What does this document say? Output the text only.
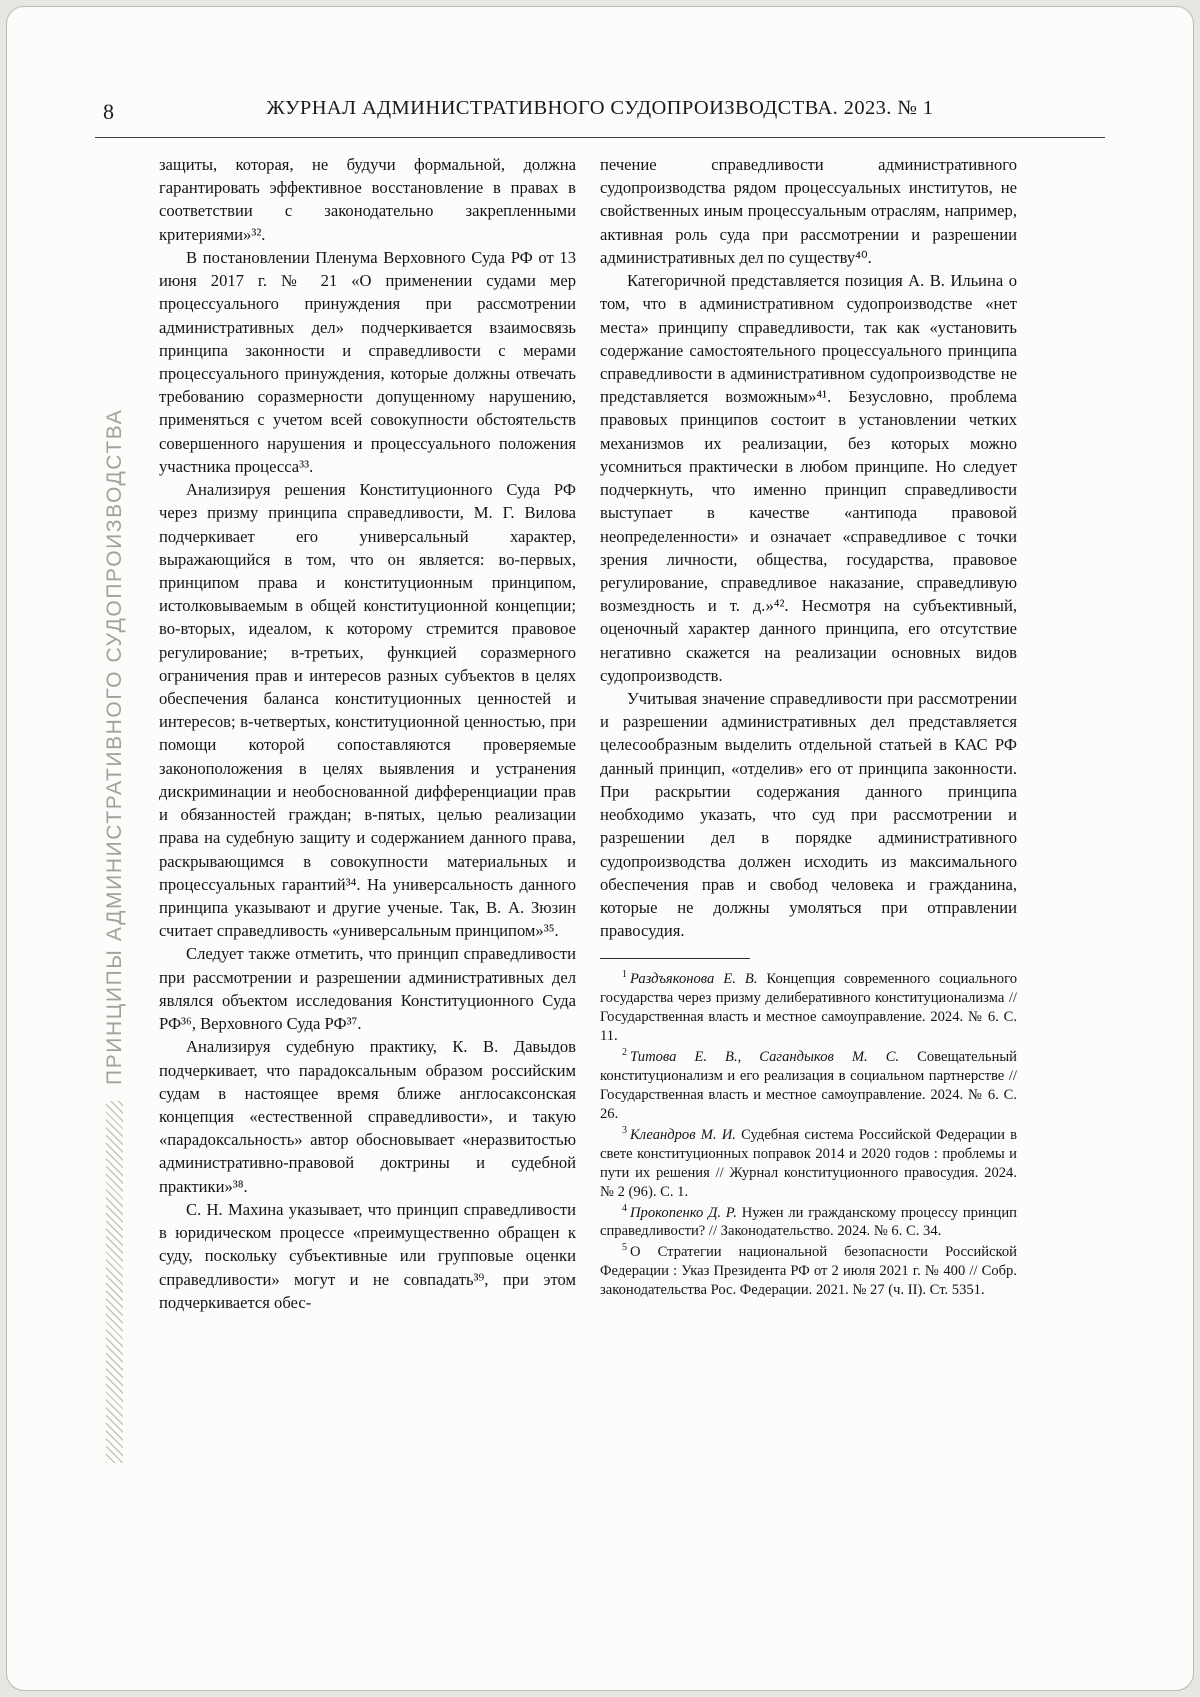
8	ЖУРНАЛ АДМИНИСТРАТИВНОГО СУДОПРОИЗВОДСТВА. 2023. № 1
ПРИНЦИПЫ АДМИНИСТРАТИВНОГО СУДОПРОИЗВОДСТВА

защиты, которая, не будучи формальной, должна гарантировать эффективное восстановление в правах в соответствии с законодательно закрепленными критериями»³².

В постановлении Пленума Верховного Суда РФ от 13 июня 2017 г. № 21 «О применении судами мер процессуального принуждения при рассмотрении административных дел» подчеркивается взаимосвязь принципа законности и справедливости с мерами процессуального принуждения, которые должны отвечать требованию соразмерности допущенному нарушению, применяться с учетом всей совокупности обстоятельств совершенного нарушения и процессуального положения участника процесса³³.

Анализируя решения Конституционного Суда РФ через призму принципа справедливости, М. Г. Вилова подчеркивает его универсальный характер, выражающийся в том, что он является: во-первых, принципом права и конституционным принципом, истолковываемым в общей конституционной концепции; во-вторых, идеалом, к которому стремится правовое регулирование; в-третьих, функцией соразмерного ограничения прав и интересов разных субъектов в целях обеспечения баланса конституционных ценностей и интересов; в-четвертых, конституционной ценностью, при помощи которой сопоставляются проверяемые законоположения в целях выявления и устранения дискриминации и необоснованной дифференциации прав и обязанностей граждан; в-пятых, целью реализации права на судебную защиту и содержанием данного права, раскрывающимся в совокупности материальных и процессуальных гарантий³⁴. На универсальность данного принципа указывают и другие ученые. Так, В. А. Зюзин считает справедливость «универсальным принципом»³⁵.

Следует также отметить, что принцип справедливости при рассмотрении и разрешении административных дел являлся объектом исследования Конституционного Суда РФ³⁶, Верховного Суда РФ³⁷.

Анализируя судебную практику, К. В. Давыдов подчеркивает, что парадоксальным образом российским судам в настоящее время ближе англосаксонская концепция «естественной справедливости», и такую «парадоксальность» автор обосновывает «неразвитостью административно-правовой доктрины и судебной практики»³⁸.

С. Н. Махина указывает, что принцип справедливости в юридическом процессе «преимущественно обращен к суду, поскольку субъективные или групповые оценки справедливости» могут и не совпадать³⁹, при этом подчеркивается обес-

печение справедливости административного судопроизводства рядом процессуальных институтов, не свойственных иным процессуальным отраслям, например, активная роль суда при рассмотрении и разрешении административных дел по существу⁴⁰.

Категоричной представляется позиция А. В. Ильина о том, что в административном судопроизводстве «нет места» принципу справедливости, так как «установить содержание самостоятельного процессуального принципа справедливости в административном судопроизводстве не представляется возможным»⁴¹. Безусловно, проблема правовых принципов состоит в установлении четких механизмов их реализации, без которых можно усомниться практически в любом принципе. Но следует подчеркнуть, что именно принцип справедливости выступает в качестве «антипода правовой неопределенности» и означает «справедливое с точки зрения личности, общества, государства, правовое регулирование, справедливое наказание, справедливую возмездность и т. д.»⁴². Несмотря на субъективный, оценочный характер данного принципа, его отсутствие негативно скажется на реализации основных видов судопроизводств.

Учитывая значение справедливости при рассмотрении и разрешении административных дел представляется целесообразным выделить отдельной статьей в КАС РФ данный принцип, «отделив» его от принципа законности. При раскрытии содержания данного принципа необходимо указать, что суд при рассмотрении и разрешении дел в порядке административного судопроизводства должен исходить из максимального обеспечения прав и свобод человека и гражданина, которые не должны умоляться при отправлении правосудия.

$^1$ Раздъяконова Е. В. Концепция современного социального государства через призму делиберативного конституционализма // Государственная власть и местное самоуправление. 2024. № 6. С. 11.

$^2$ Титова Е. В., Сагандыков М. С. Совещательный конституционализм и его реализация в социальном партнерстве // Государственная власть и местное самоуправление. 2024. № 6. С. 26.

$^3$ Клеандров М. И. Судебная система Российской Федерации в свете конституционных поправок 2014 и 2020 годов : проблемы и пути их решения // Журнал конституционного правосудия. 2024. № 2 (96). С. 1.

$^4$ Прокопенко Д. Р. Нужен ли гражданскому процессу принцип справедливости? // Законодательство. 2024. № 6. С. 34.

$^5$ О Стратегии национальной безопасности Российской Федерации : Указ Президента РФ от 2 июля 2021 г. № 400 // Собр. законодательства Рос. Федерации. 2021. № 27 (ч. II). Ст. 5351.
